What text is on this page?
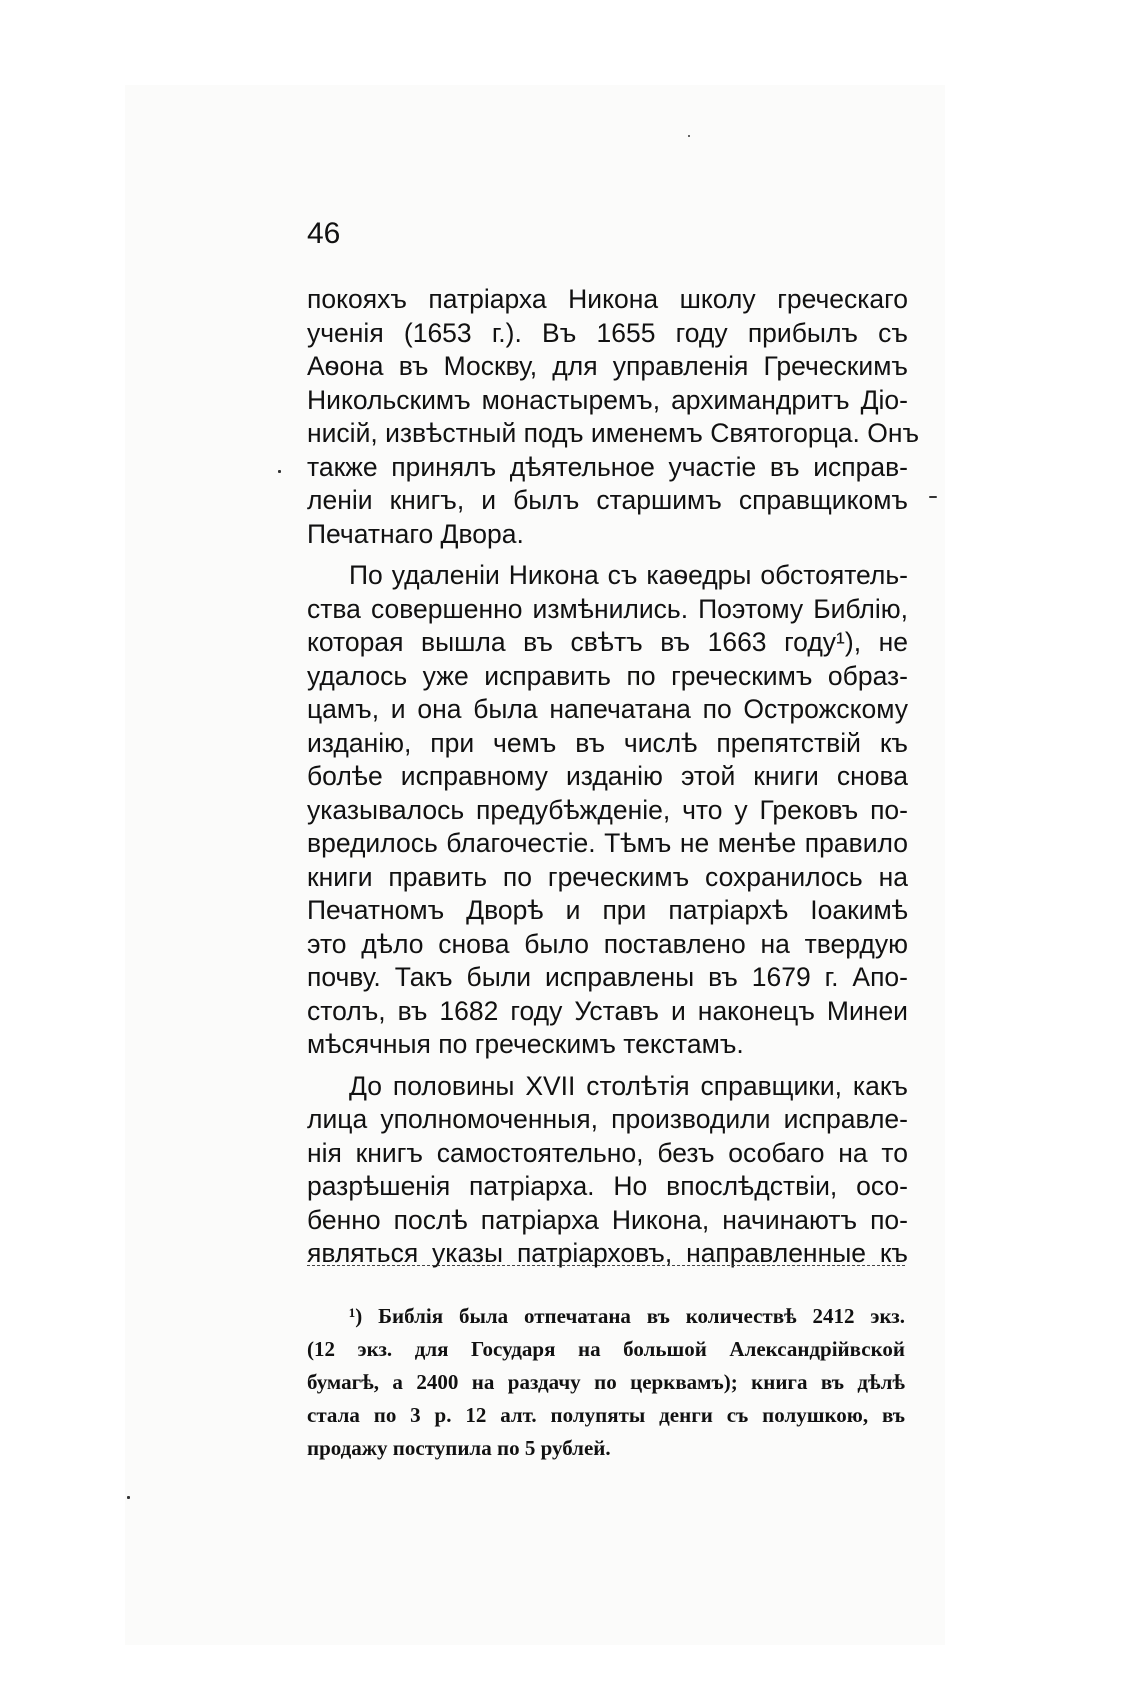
46
покояхъ патріарха Никона школу греческаго
ученія (1653 г.). Въ 1655 году прибылъ съ
Аѳона въ Москву, для управленія Греческимъ
Никольскимъ монастыремъ, архимандритъ Діо-
нисій, извѣстный подъ именемъ Святогорца. Онъ
также принялъ дѣятельное участіе въ исправ-
леніи книгъ, и былъ старшимъ справщикомъ
Печатнаго Двора.
По удаленіи Никона съ каѳедры обстоятель-
ства совершенно измѣнились. Поэтому Библію,
которая вышла въ свѣтъ въ 1663 году¹), не
удалось уже исправить по греческимъ образ-
цамъ, и она была напечатана по Острожскому
изданію, при чемъ въ числѣ препятствій къ
болѣе исправному изданію этой книги снова
указывалось предубѣжденіе, что у Грековъ по-
вредилось благочестіе. Тѣмъ не менѣе правило
книги править по греческимъ сохранилось на
Печатномъ Дворѣ и при патріархѣ Іоакимѣ
это дѣло снова было поставлено на твердую
почву. Такъ были исправлены въ 1679 г. Апо-
столъ, въ 1682 году Уставъ и наконецъ Минеи
мѣсячныя по греческимъ текстамъ.
До половины XVII столѣтія справщики, какъ
лица уполномоченныя, производили исправле-
нія книгъ самостоятельно, безъ особаго на то
разрѣшенія патріарха. Но впослѣдствіи, осо-
бенно послѣ патріарха Никона, начинаютъ по-
являться указы патріарховъ, направленные къ
¹) Библія была отпечатана въ количествѣ 2412 экз.
(12 экз. для Государя на большой Александрійвской
бумагѣ, а 2400 на раздачу по церквамъ); книга въ дѣлѣ
стала по 3 р. 12 алт. полупяты денги съ полушкою, въ
продажу поступила по 5 рублей.
